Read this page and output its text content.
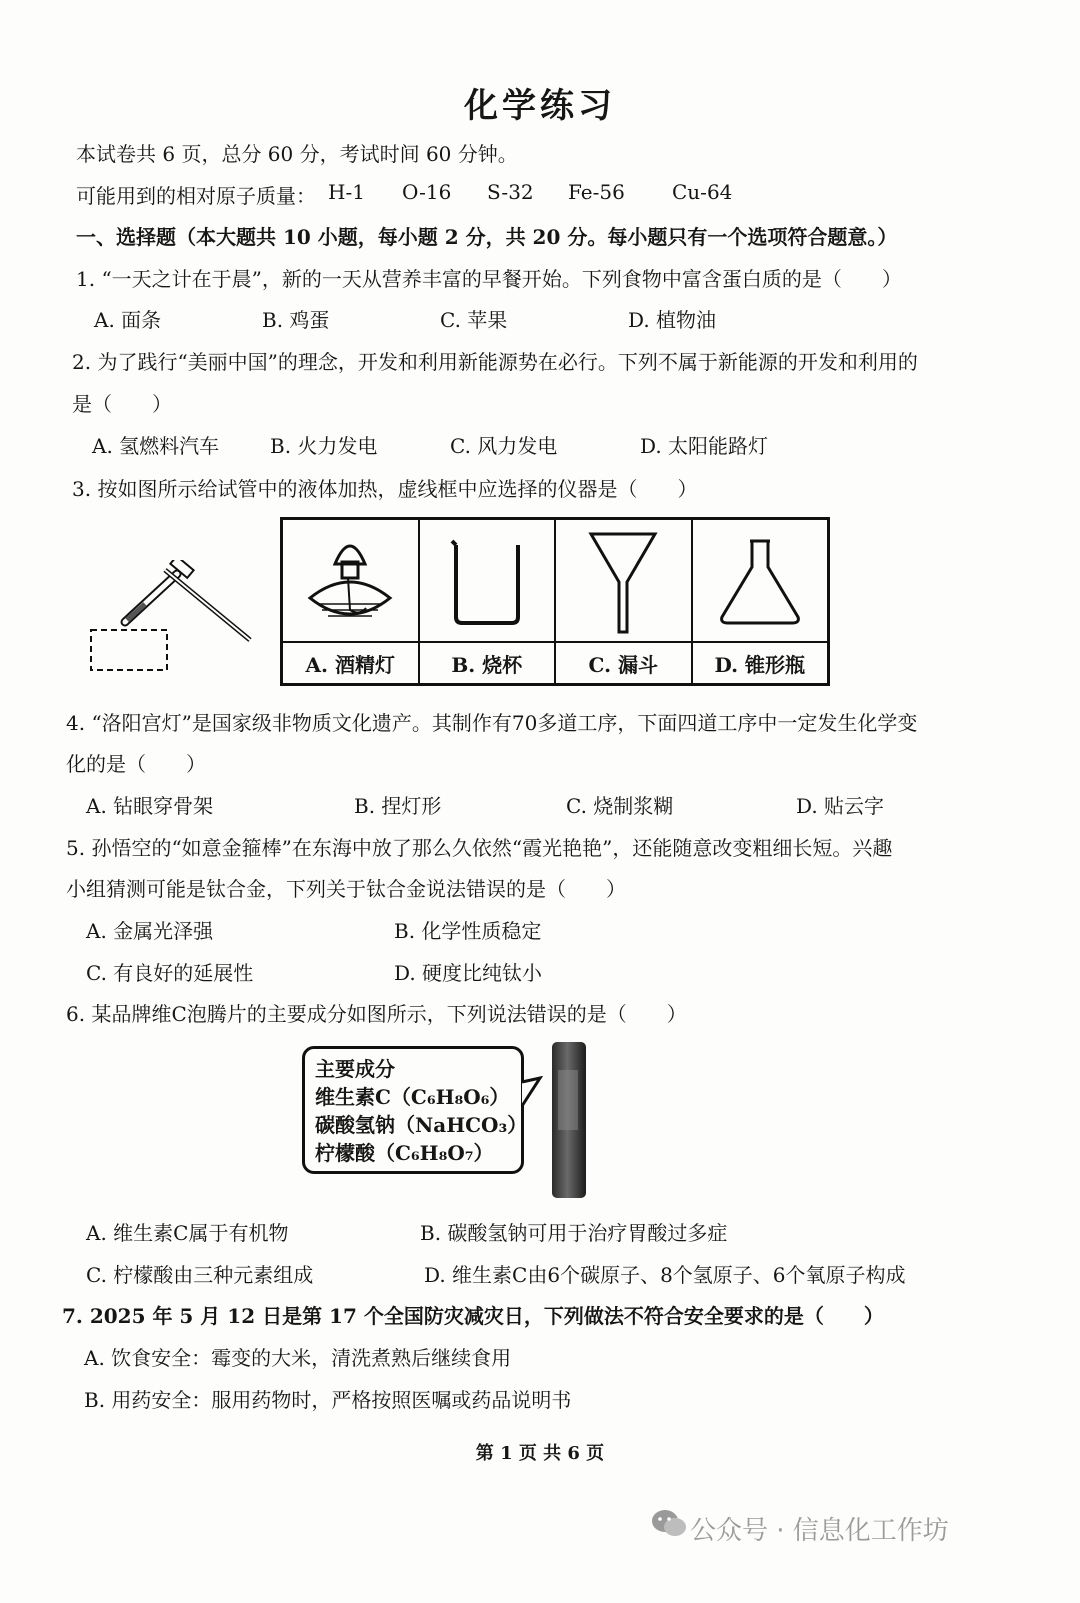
化学练习
本试卷共 6 页，总分 60 分，考试时间 60 分钟。
可能用到的相对原子质量： H-1 O-16 S-32 Fe-56 Cu-64
一、选择题（本大题共 10 小题，每小题 2 分，共 20 分。每小题只有一个选项符合题意。）
1. “一天之计在于晨”，新的一天从营养丰富的早餐开始。下列食物中富含蛋白质的是（　　）
A. 面条	B. 鸡蛋	C. 苹果	D. 植物油
2. 为了践行“美丽中国”的理念，开发和利用新能源势在必行。下列不属于新能源的开发和利用的
是（　　）
A. 氢燃料汽车	B. 火力发电	C. 风力发电	D. 太阳能路灯
3. 按如图所示给试管中的液体加热，虚线框中应选择的仪器是（　　）
A. 酒精灯	B. 烧杯	C. 漏斗	D. 锥形瓶
4. “洛阳宫灯”是国家级非物质文化遗产。其制作有70多道工序，下面四道工序中一定发生化学变
化的是（　　）
A. 钻眼穿骨架	B. 捏灯形	C. 烧制浆糊	D. 贴云字
5. 孙悟空的“如意金箍棒”在东海中放了那么久依然“霞光艳艳”，还能随意改变粗细长短。兴趣
小组猜测可能是钛合金，下列关于钛合金说法错误的是（　　）
A. 金属光泽强	B. 化学性质稳定
C. 有良好的延展性	D. 硬度比纯钛小
6. 某品牌维C泡腾片的主要成分如图所示，下列说法错误的是（　　）
主要成分
维生素C（C₆H₈O₆）
碳酸氢钠（NaHCO₃）
柠檬酸（C₆H₈O₇）
A. 维生素C属于有机物	B. 碳酸氢钠可用于治疗胃酸过多症
C. 柠檬酸由三种元素组成	D. 维生素C由6个碳原子、8个氢原子、6个氧原子构成
7. 2025 年 5 月 12 日是第 17 个全国防灾减灾日，下列做法不符合安全要求的是（　　）
A. 饮食安全：霉变的大米，清洗煮熟后继续食用
B. 用药安全：服用药物时，严格按照医嘱或药品说明书
第 1 页 共 6 页
公众号 · 信息化工作坊
